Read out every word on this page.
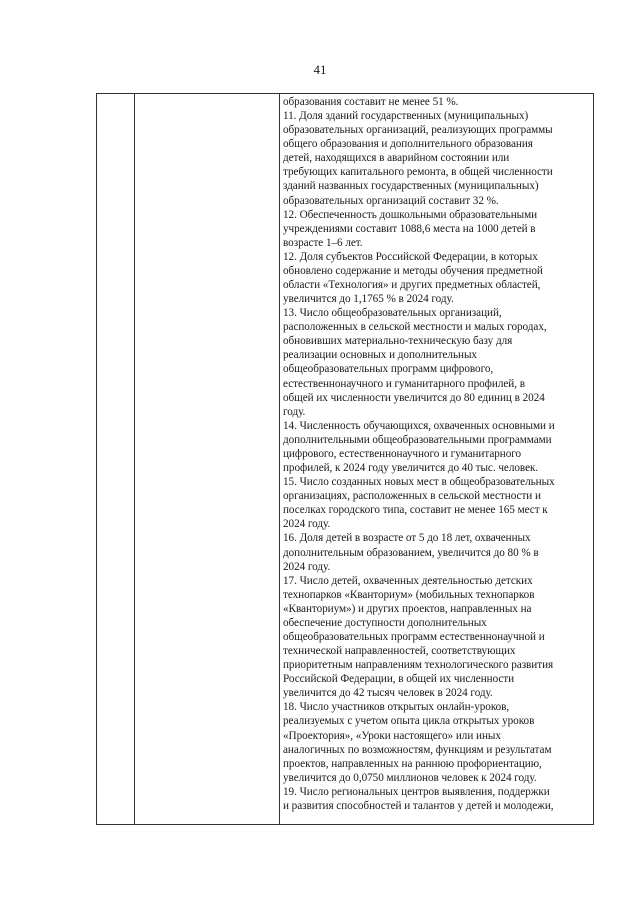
41
образования составит не менее 51 %.
11. Доля зданий государственных (муниципальных)
образовательных организаций, реализующих программы
общего образования и дополнительного образования
детей, находящихся в аварийном состоянии или
требующих капитального ремонта, в общей численности
зданий названных государственных (муниципальных)
образовательных организаций составит 32 %.
12. Обеспеченность дошкольными образовательными
учреждениями составит 1088,6 места на 1000 детей в
возрасте 1–6 лет.
12. Доля субъектов Российской Федерации, в которых
обновлено содержание и методы обучения предметной
области «Технология» и других предметных областей,
увеличится до 1,1765 % в 2024 году.
13. Число общеобразовательных организаций,
расположенных в сельской местности и малых городах,
обновивших материально-техническую базу для
реализации основных и дополнительных
общеобразовательных программ цифрового,
естественнонаучного и гуманитарного профилей, в
общей их численности увеличится до 80 единиц в 2024
году.
14. Численность обучающихся, охваченных основными и
дополнительными общеобразовательными программами
цифрового, естественнонаучного и гуманитарного
профилей, к 2024 году увеличится до 40 тыс. человек.
15. Число созданных новых мест в общеобразовательных
организациях, расположенных в сельской местности и
поселках городского типа, составит не менее 165 мест к
2024 году.
16. Доля детей в возрасте от 5 до 18 лет, охваченных
дополнительным образованием, увеличится до 80 % в
2024 году.
17. Число детей, охваченных деятельностью детских
технопарков «Кванториум» (мобильных технопарков
«Кванториум») и других проектов, направленных на
обеспечение доступности дополнительных
общеобразовательных программ естественнонаучной и
технической направленностей, соответствующих
приоритетным направлениям технологического развития
Российской Федерации, в общей их численности
увеличится до 42 тысяч человек в 2024 году.
18. Число участников открытых онлайн-уроков,
реализуемых с учетом опыта цикла открытых уроков
«Проектория», «Уроки настоящего» или иных
аналогичных по возможностям, функциям и результатам
проектов, направленных на раннюю профориентацию,
увеличится до 0,0750 миллионов человек к 2024 году.
19. Число региональных центров выявления, поддержки
и развития способностей и талантов у детей и молодежи,
